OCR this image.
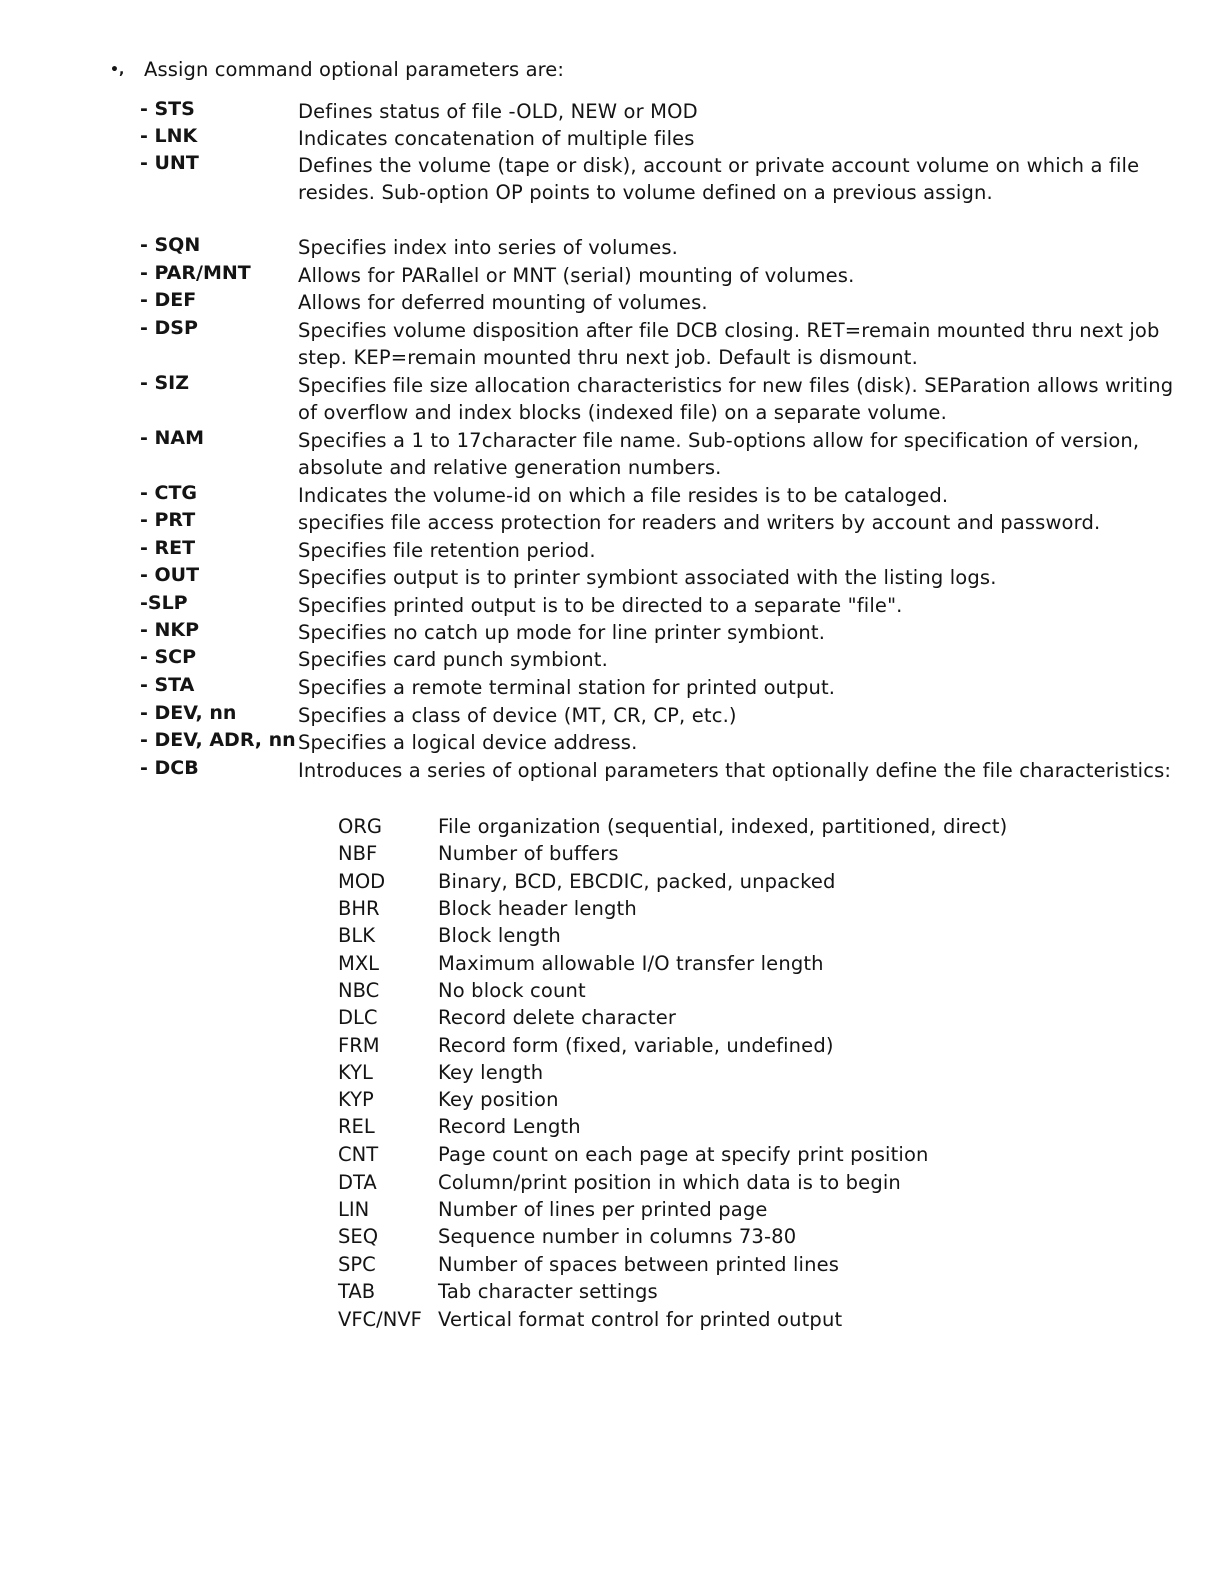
•, Assign command optional parameters are:
- STS	Defines status of file -OLD, NEW or MOD
- LNK	Indicates concatenation of multiple files
- UNT	Defines the volume (tape or disk), account or private account volume on which a file resides. Sub-option OP points to volume defined on a previous assign.
- SQN	Specifies index into series of volumes.
- PAR/MNT	Allows for PARallel or MNT (serial) mounting of volumes.
- DEF	Allows for deferred mounting of volumes.
- DSP	Specifies volume disposition after file DCB closing. RET=remain mounted thru next job step. KEP=remain mounted thru next job. Default is dismount.
- SIZ	Specifies file size allocation characteristics for new files (disk). SEParation allows writing of overflow and index blocks (indexed file) on a separate volume.
- NAM	Specifies a 1 to 17character file name. Sub-options allow for specification of version, absolute and relative generation numbers.
- CTG	Indicates the volume-id on which a file resides is to be cataloged.
- PRT	specifies file access protection for readers and writers by account and password.
- RET	Specifies file retention period.
- OUT	Specifies output is to printer symbiont associated with the listing logs.
-SLP	Specifies printed output is to be directed to a separate "file".
- NKP	Specifies no catch up mode for line printer symbiont.
- SCP	Specifies card punch symbiont.
- STA	Specifies a remote terminal station for printed output.
- DEV, nn	Specifies a class of device (MT, CR, CP, etc.)
- DEV, ADR, nn Specifies a logical device address.
- DCB	Introduces a series of optional parameters that optionally define the file characteristics:
ORG	File organization (sequential, indexed, partitioned, direct)
NBF	Number of buffers
MOD	Binary, BCD, EBCDIC, packed, unpacked
BHR	Block header length
BLK	Block length
MXL	Maximum allowable I/O transfer length
NBC	No block count
DLC	Record delete character
FRM	Record form (fixed, variable, undefined)
KYL	Key length
KYP	Key position
REL	Record Length
CNT	Page count on each page at specify print position
DTA	Column/print position in which data is to begin
LIN	Number of lines per printed page
SEQ	Sequence number in columns 73-80
SPC	Number of spaces between printed lines
TAB	Tab character settings
VFC/NVF Vertical format control for printed output
